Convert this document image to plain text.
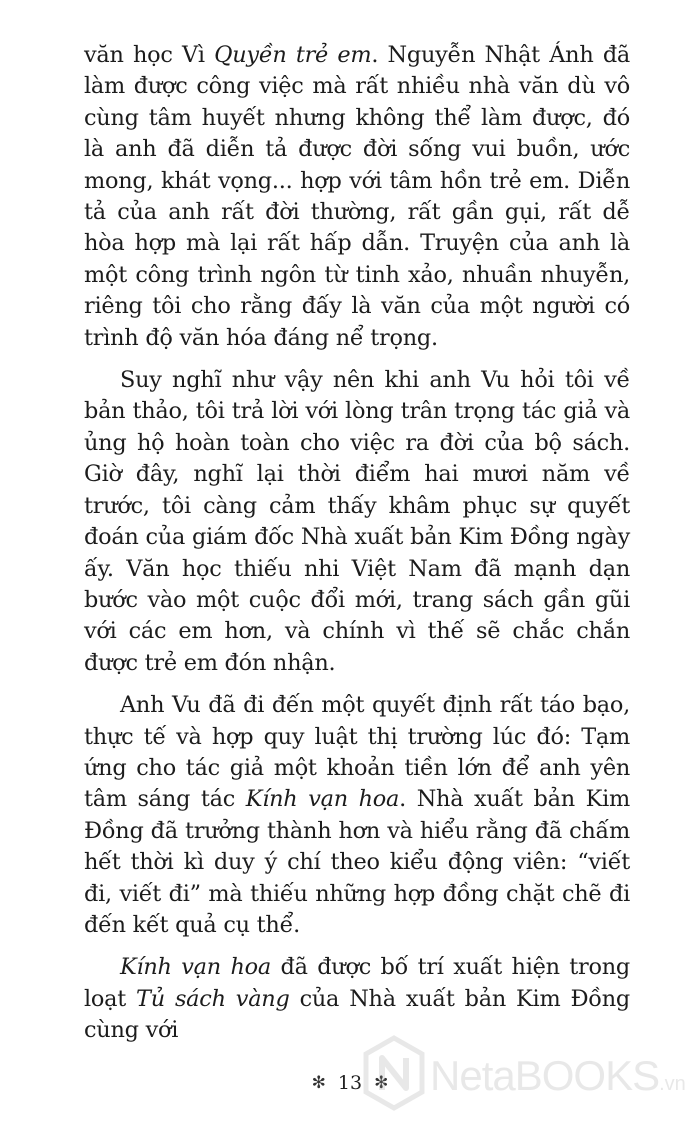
văn học Vì Quyền trẻ em. Nguyễn Nhật Ánh đã làm được công việc mà rất nhiều nhà văn dù vô cùng tâm huyết nhưng không thể làm được, đó là anh đã diễn tả được đời sống vui buồn, ước mong, khát vọng... hợp với tâm hồn trẻ em. Diễn tả của anh rất đời thường, rất gần gụi, rất dễ hòa hợp mà lại rất hấp dẫn. Truyện của anh là một công trình ngôn từ tinh xảo, nhuần nhuyễn, riêng tôi cho rằng đấy là văn của một người có trình độ văn hóa đáng nể trọng.

Suy nghĩ như vậy nên khi anh Vu hỏi tôi về bản thảo, tôi trả lời với lòng trân trọng tác giả và ủng hộ hoàn toàn cho việc ra đời của bộ sách. Giờ đây, nghĩ lại thời điểm hai mươi năm về trước, tôi càng cảm thấy khâm phục sự quyết đoán của giám đốc Nhà xuất bản Kim Đồng ngày ấy. Văn học thiếu nhi Việt Nam đã mạnh dạn bước vào một cuộc đổi mới, trang sách gần gũi với các em hơn, và chính vì thế sẽ chắc chắn được trẻ em đón nhận.

Anh Vu đã đi đến một quyết định rất táo bạo, thực tế và hợp quy luật thị trường lúc đó: Tạm ứng cho tác giả một khoản tiền lớn để anh yên tâm sáng tác Kính vạn hoa. Nhà xuất bản Kim Đồng đã trưởng thành hơn và hiểu rằng đã chấm hết thời kì duy ý chí theo kiểu động viên: “viết đi, viết đi” mà thiếu những hợp đồng chặt chẽ đi đến kết quả cụ thể.

Kính vạn hoa đã được bố trí xuất hiện trong loạt Tủ sách vàng của Nhà xuất bản Kim Đồng cùng với

✻ 13 ✻ NetaBOOKS.vn
